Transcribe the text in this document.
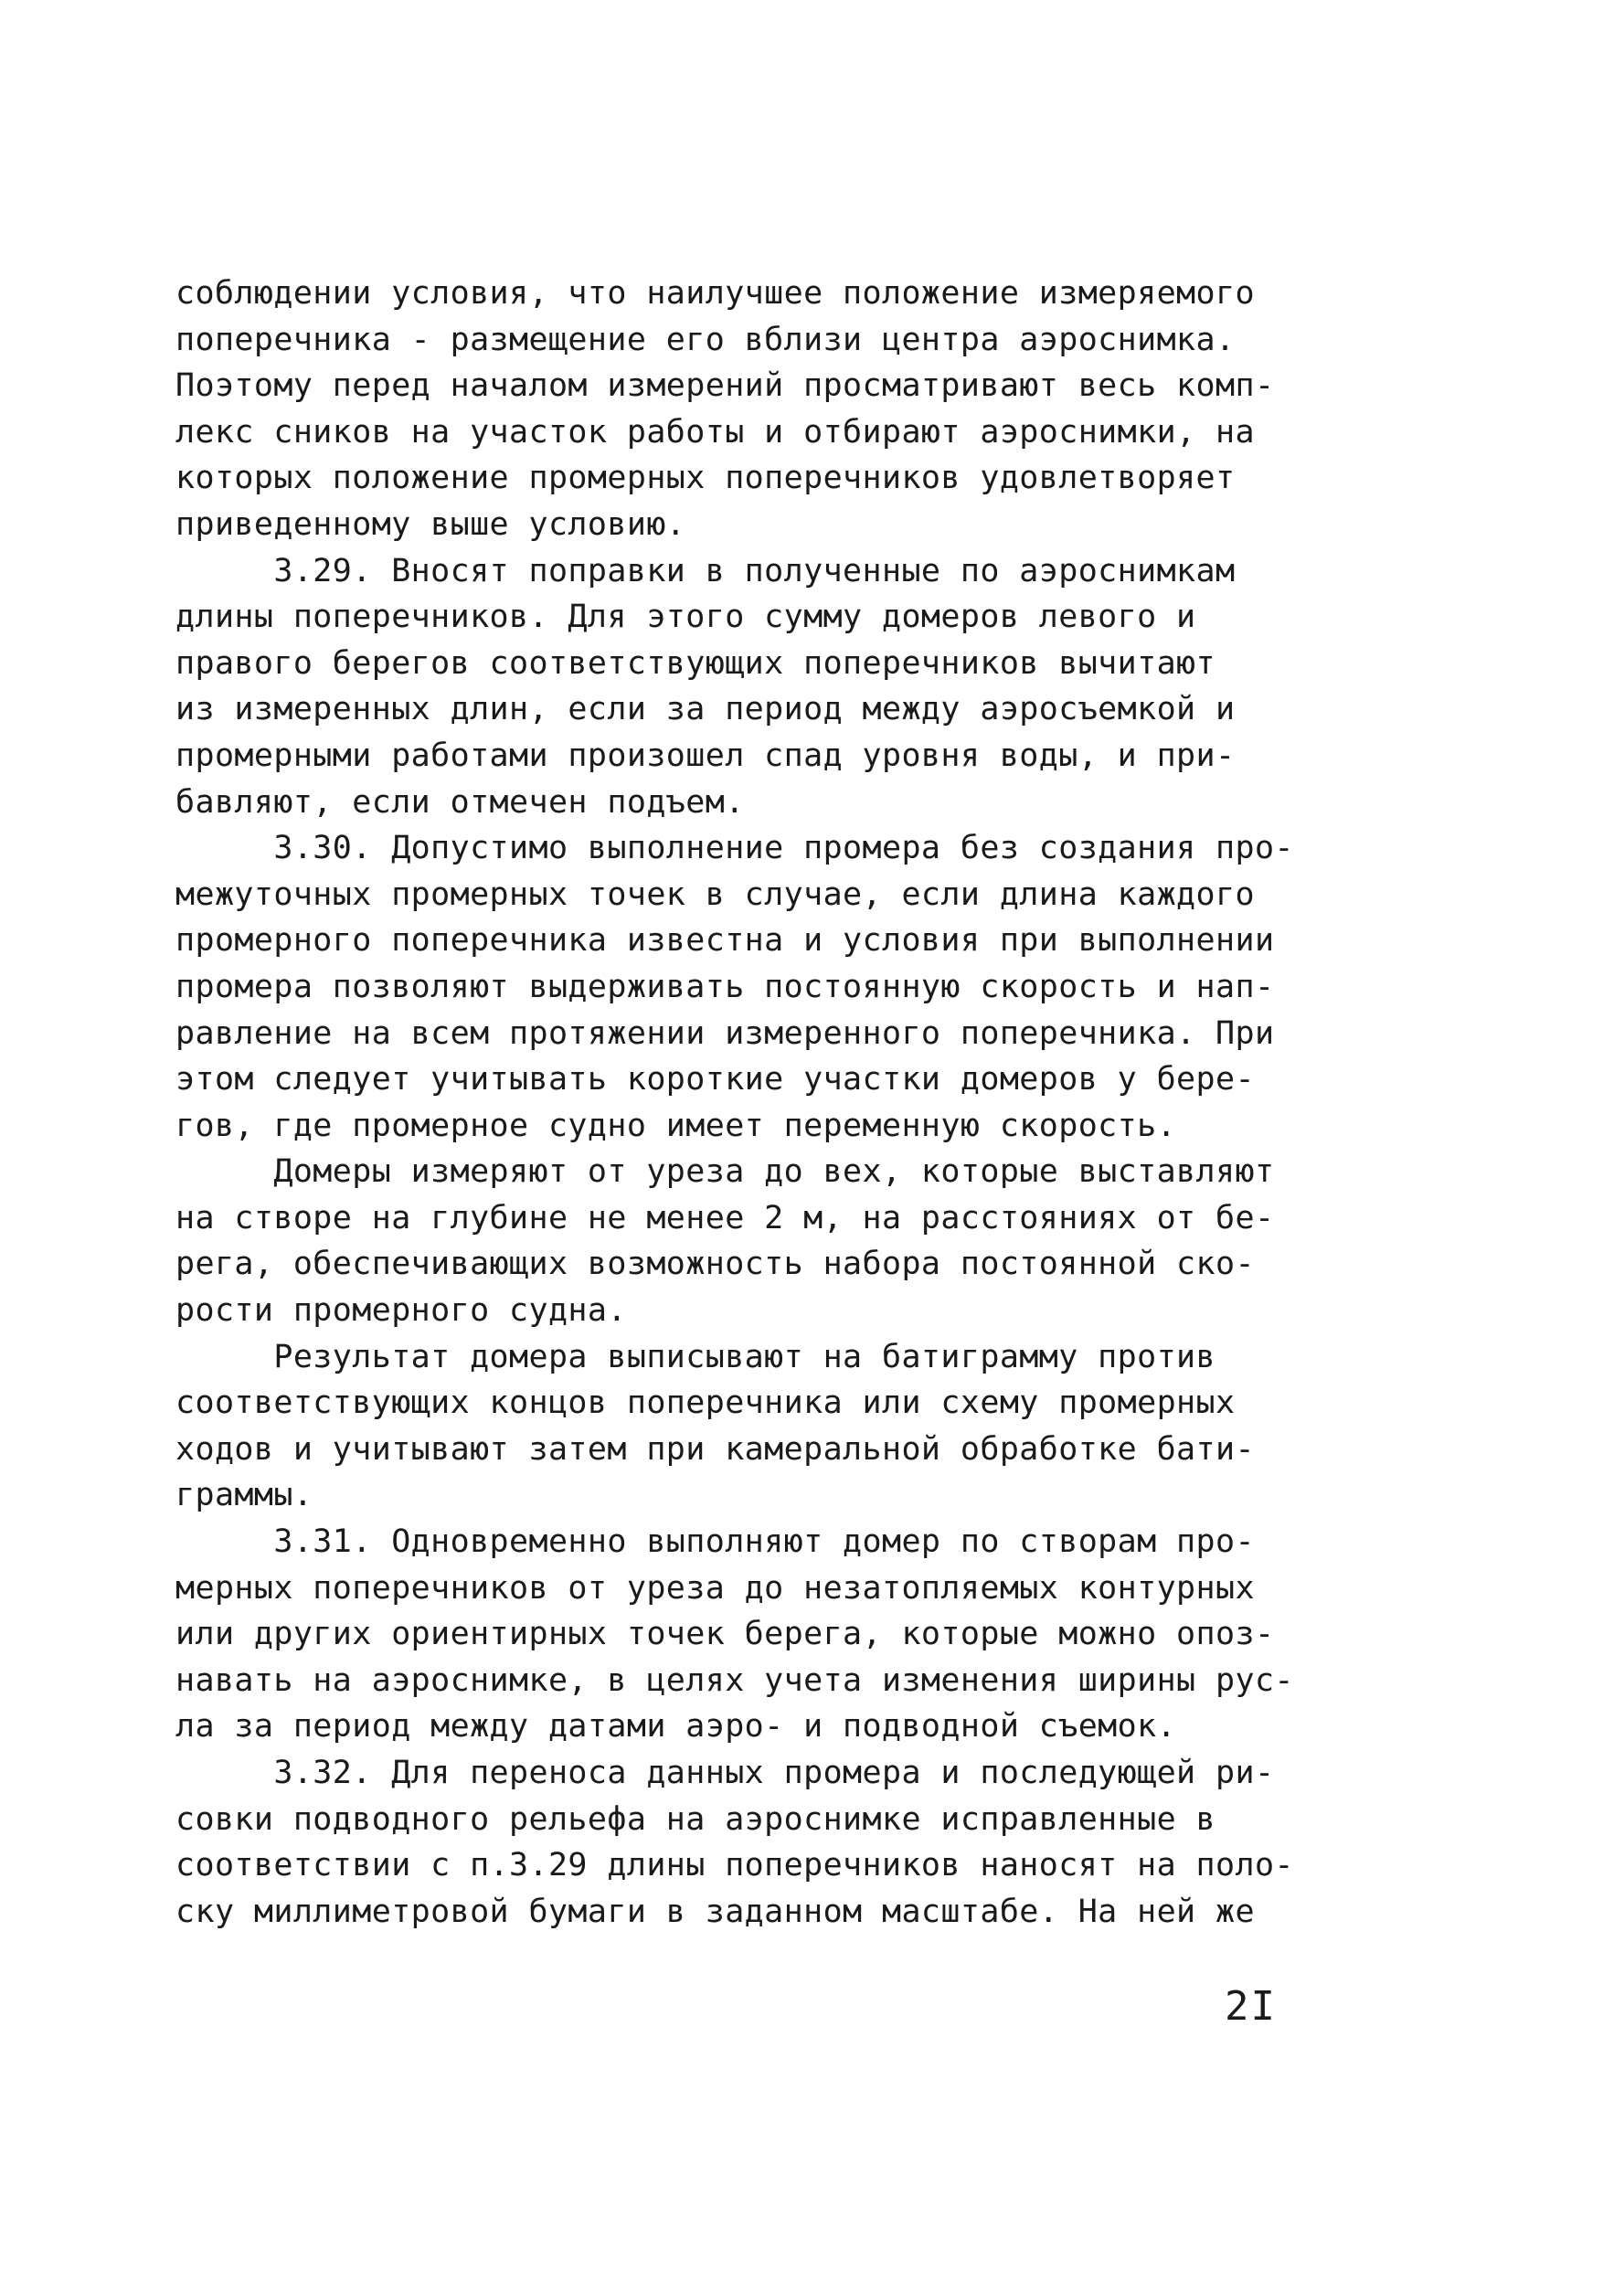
соблюдении условия, что наилучшее положение измеряемого
поперечника - размещение его вблизи центра аэроснимка.
Поэтому перед началом измерений просматривают весь комп-
лекс сников на участок работы и отбирают аэроснимки, на
которых положение промерных поперечников удовлетворяет
приведенному выше условию.
3.29. Вносят поправки в полученные по аэроснимкам
длины поперечников. Для этого сумму домеров левого и
правого берегов соответствующих поперечников вычитают
из измеренных длин, если за период между аэросъемкой и
промерными работами произошел спад уровня воды, и при-
бавляют, если отмечен подъем.
3.30. Допустимо выполнение промера без создания про-
межуточных промерных точек в случае, если длина каждого
промерного поперечника известна и условия при выполнении
промера позволяют выдерживать постоянную скорость и нап-
равление на всем протяжении измеренного поперечника. При
этом следует учитывать короткие участки домеров у бере-
гов, где промерное судно имеет переменную скорость.
Домеры измеряют от уреза до вех, которые выставляют
на створе на глубине не менее 2 м, на расстояниях от бе-
рега, обеспечивающих возможность набора постоянной ско-
рости промерного судна.
Результат домера выписывают на батиграмму против
соответствующих концов поперечника или схему промерных
ходов и учитывают затем при камеральной обработке бати-
граммы.
3.31. Одновременно выполняют домер по створам про-
мерных поперечников от уреза до незатопляемых контурных
или других ориентирных точек берега, которые можно опоз-
навать на аэроснимке, в целях учета изменения ширины рус-
ла за период между датами аэро- и подводной съемок.
3.32. Для переноса данных промера и последующей ри-
совки подводного рельефа на аэроснимке исправленные в
соответствии с п.3.29 длины поперечников наносят на поло-
ску миллиметровой бумаги в заданном масштабе. На ней же
2I
